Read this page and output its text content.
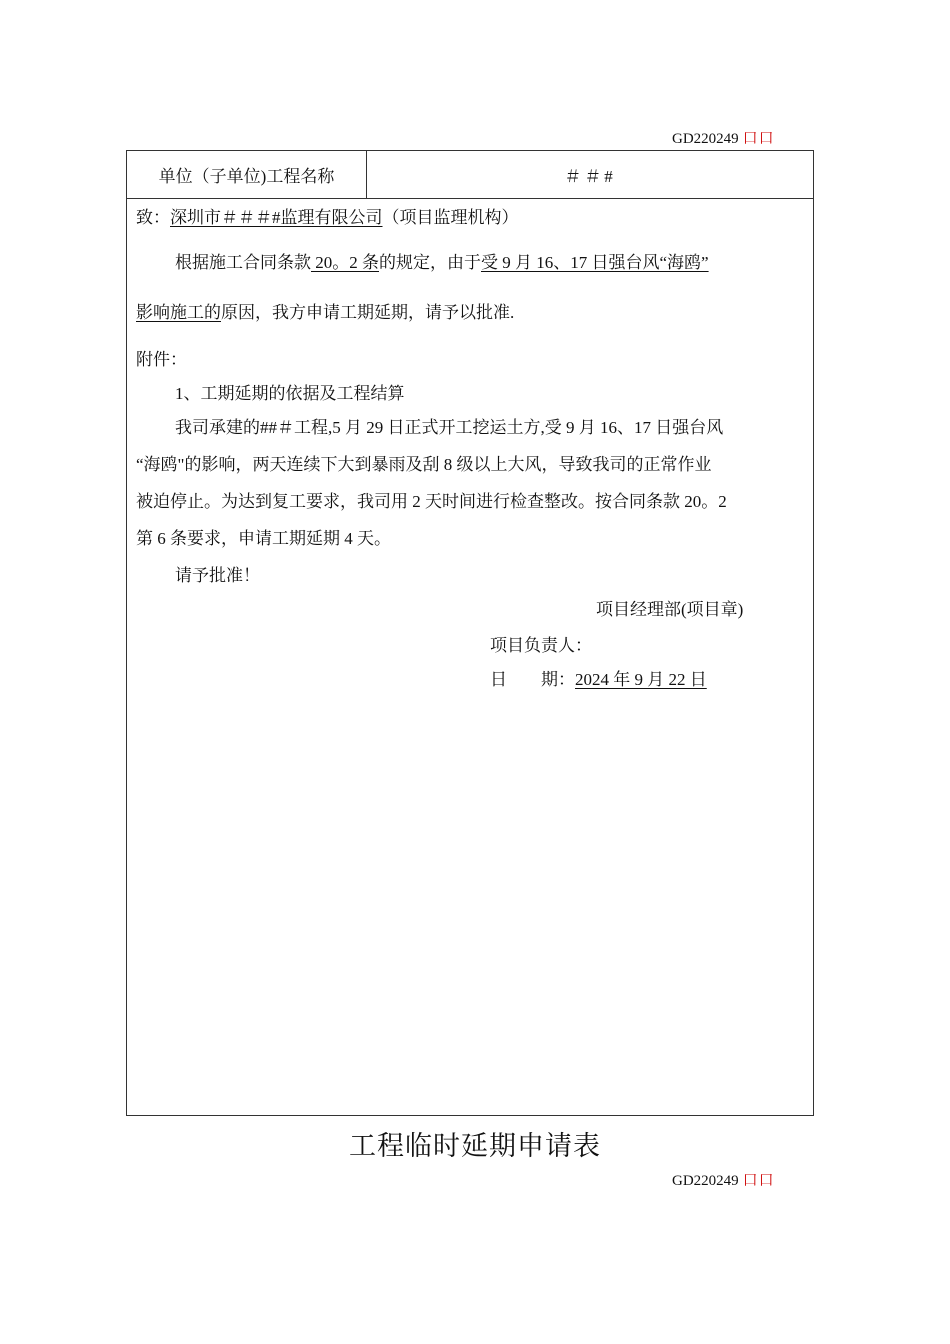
GD220249 口口
单位（子单位)工程名称	＃＃#
致：深圳市＃＃＃#监理有限公司（项目监理机构）
根据施工合同条款 20。2 条的规定，由于受 9 月 16、17 日强台风“海鸥”
影响施工的原因，我方申请工期延期，请予以批准.
附件：
1、工期延期的依据及工程结算
我司承建的##＃工程,5 月 29 日正式开工挖运土方,受 9 月 16、17 日强台风
“海鸥"的影响，两天连续下大到暴雨及刮 8 级以上大风，导致我司的正常作业
被迫停止。为达到复工要求，我司用 2 天时间进行检查整改。按合同条款 20。2
第 6 条要求，申请工期延期 4 天。
请予批准！
项目经理部(项目章)
项目负责人：
日　　期：2024 年 9 月 22 日
工程临时延期申请表
GD220249 口口
